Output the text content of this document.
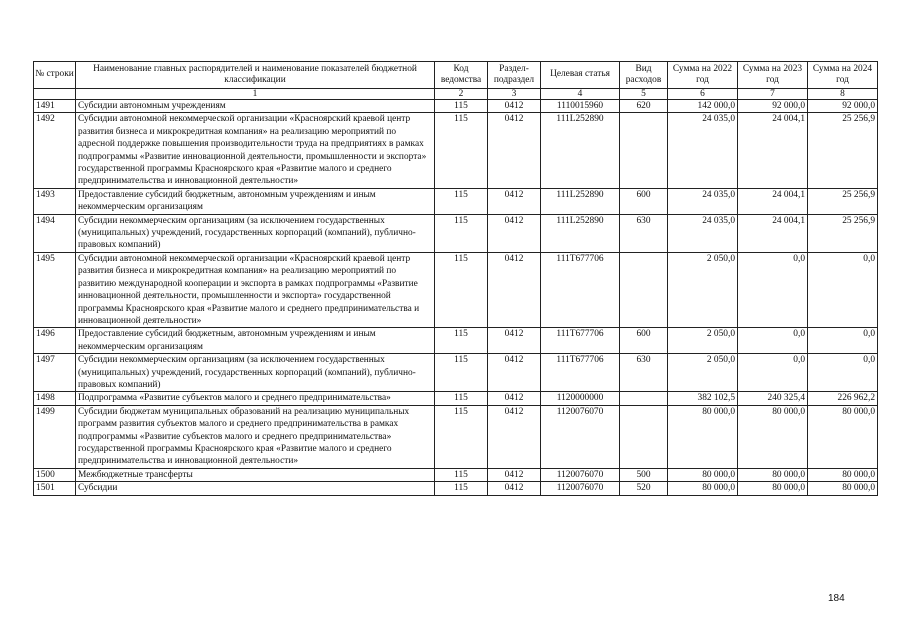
№ строки	Наименование главных распорядителей и наименование показателей бюджетной классификации	Код ведомства	Раздел-подраздел	Целевая статья	Вид расходов	Сумма на 2022 год	Сумма на 2023 год	Сумма на 2024 год
	1	2	3	4	5	6	7	8
1491	Субсидии автономным учреждениям	115	0412	1110015960	620	142 000,0	92 000,0	92 000,0
1492	Субсидии автономной некоммерческой организации «Красноярский краевой центр развития бизнеса и микрокредитная компания» на реализацию мероприятий по адресной поддержке повышения производительности труда на предприятиях в рамках подпрограммы «Развитие инновационной деятельности, промышленности и экспорта» государственной программы Красноярского края «Развитие малого и среднего предпринимательства и инновационной деятельности»	115	0412	111L252890		24 035,0	24 004,1	25 256,9
1493	Предоставление субсидий бюджетным, автономным учреждениям и иным некоммерческим организациям	115	0412	111L252890	600	24 035,0	24 004,1	25 256,9
1494	Субсидии некоммерческим организациям (за исключением государственных (муниципальных) учреждений, государственных корпораций (компаний), публично-правовых компаний)	115	0412	111L252890	630	24 035,0	24 004,1	25 256,9
1495	Субсидии автономной некоммерческой организации «Красноярский краевой центр развития бизнеса и микрокредитная компания» на реализацию мероприятий по развитию международной кооперации и экспорта в рамках подпрограммы «Развитие инновационной деятельности, промышленности и экспорта» государственной программы Красноярского края «Развитие малого и среднего предпринимательства и инновационной деятельности»	115	0412	111T677706		2 050,0	0,0	0,0
1496	Предоставление субсидий бюджетным, автономным учреждениям и иным некоммерческим организациям	115	0412	111T677706	600	2 050,0	0,0	0,0
1497	Субсидии некоммерческим организациям (за исключением государственных (муниципальных) учреждений, государственных корпораций (компаний), публично-правовых компаний)	115	0412	111T677706	630	2 050,0	0,0	0,0
1498	Подпрограмма «Развитие субъектов малого и среднего предпринимательства»	115	0412	1120000000		382 102,5	240 325,4	226 962,2
1499	Субсидии бюджетам муниципальных образований на реализацию муниципальных программ развития субъектов малого и среднего предпринимательства в рамках подпрограммы «Развитие субъектов малого и среднего предпринимательства» государственной программы Красноярского края «Развитие малого и среднего предпринимательства и инновационной деятельности»	115	0412	1120076070		80 000,0	80 000,0	80 000,0
1500	Межбюджетные трансферты	115	0412	1120076070	500	80 000,0	80 000,0	80 000,0
1501	Субсидии	115	0412	1120076070	520	80 000,0	80 000,0	80 000,0
184
